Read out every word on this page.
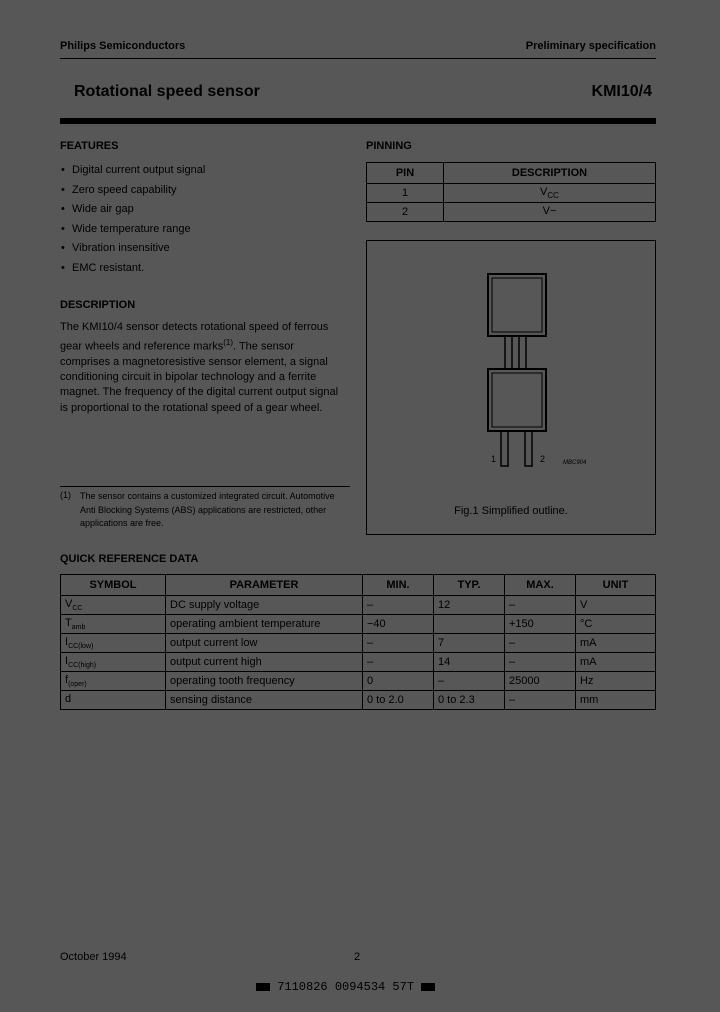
Philips Semiconductors	Preliminary specification
Rotational speed sensor	KMI10/4
FEATURES
• Digital current output signal
• Zero speed capability
• Wide air gap
• Wide temperature range
• Vibration insensitive
• EMC resistant.
DESCRIPTION
The KMI10/4 sensor detects rotational speed of ferrous gear wheels and reference marks$^{(1)}$. The sensor comprises a magnetoresistive sensor element, a signal conditioning circuit in bipolar technology and a ferrite magnet. The frequency of the digital current output signal is proportional to the rotational speed of a gear wheel.
(1) The sensor contains a customized integrated circuit. Automotive Anti Blocking Systems (ABS) applications are restricted, other applications are free.
PINNING
PIN	DESCRIPTION
1	$V_{CC}$
2	V−
1	2	MBC904
Fig.1 Simplified outline.
QUICK REFERENCE DATA
SYMBOL	PARAMETER	MIN.	TYP.	MAX.	UNIT
$V_{CC}$	DC supply voltage	–	12	–	V
$T_{amb}$	operating ambient temperature	−40		+150	°C
$I_{CC(low)}$	output current low	–	7	–	mA
$I_{CC(high)}$	output current high	–	14	–	mA
$f_{(oper)}$	operating tooth frequency	0	–	25000	Hz
d	sensing distance	0 to 2.0	0 to 2.3	–	mm
October 1994	2
7110826 0094534 57T
